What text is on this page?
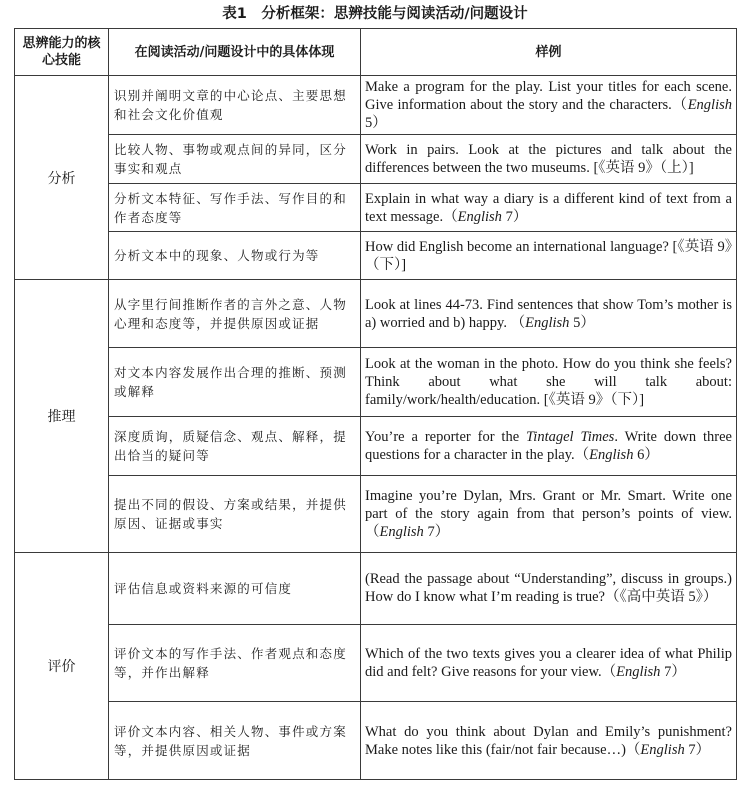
表1　分析框架：思辨技能与阅读活动/问题设计
思辨能力的核心技能	在阅读活动/问题设计中的具体体现	样例
分析	识别并阐明文章的中心论点、主要思想和社会文化价值观	Make a program for the play. List your titles for each scene. Give information about the story and the characters.（English 5）
	比较人物、事物或观点间的异同，区分事实和观点	Work in pairs. Look at the pictures and talk about the differences between the two museums. [《英语 9》（上）]
	分析文本特征、写作手法、写作目的和作者态度等	Explain in what way a diary is a different kind of text from a text message.（English 7）
	分析文本中的现象、人物或行为等	How did English become an international language? [《英语 9》（下）]
推理	从字里行间推断作者的言外之意、人物心理和态度等，并提供原因或证据	Look at lines 44-73. Find sentences that show Tom’s mother is a) worried and b) happy. （English 5）
	对文本内容发展作出合理的推断、预测或解释	Look at the woman in the photo. How do you think she feels? Think about what she will talk about: family/work/health/education. [《英语 9》（下）]
	深度质询，质疑信念、观点、解释，提出恰当的疑问等	You’re a reporter for the Tintagel Times. Write down three questions for a character in the play.（English 6）
	提出不同的假设、方案或结果，并提供原因、证据或事实	Imagine you’re Dylan, Mrs. Grant or Mr. Smart. Write one part of the story again from that person’s points of view.（English 7）
评价	评估信息或资料来源的可信度	(Read the passage about “Understanding”, discuss in groups.) How do I know what I’m reading is true?（《高中英语 5》）
	评价文本的写作手法、作者观点和态度等，并作出解释	Which of the two texts gives you a clearer idea of what Philip did and felt? Give reasons for your view.（English 7）
	评价文本内容、相关人物、事件或方案等，并提供原因或证据	What do you think about Dylan and Emily’s punishment? Make notes like this (fair/not fair because…)（English 7）
